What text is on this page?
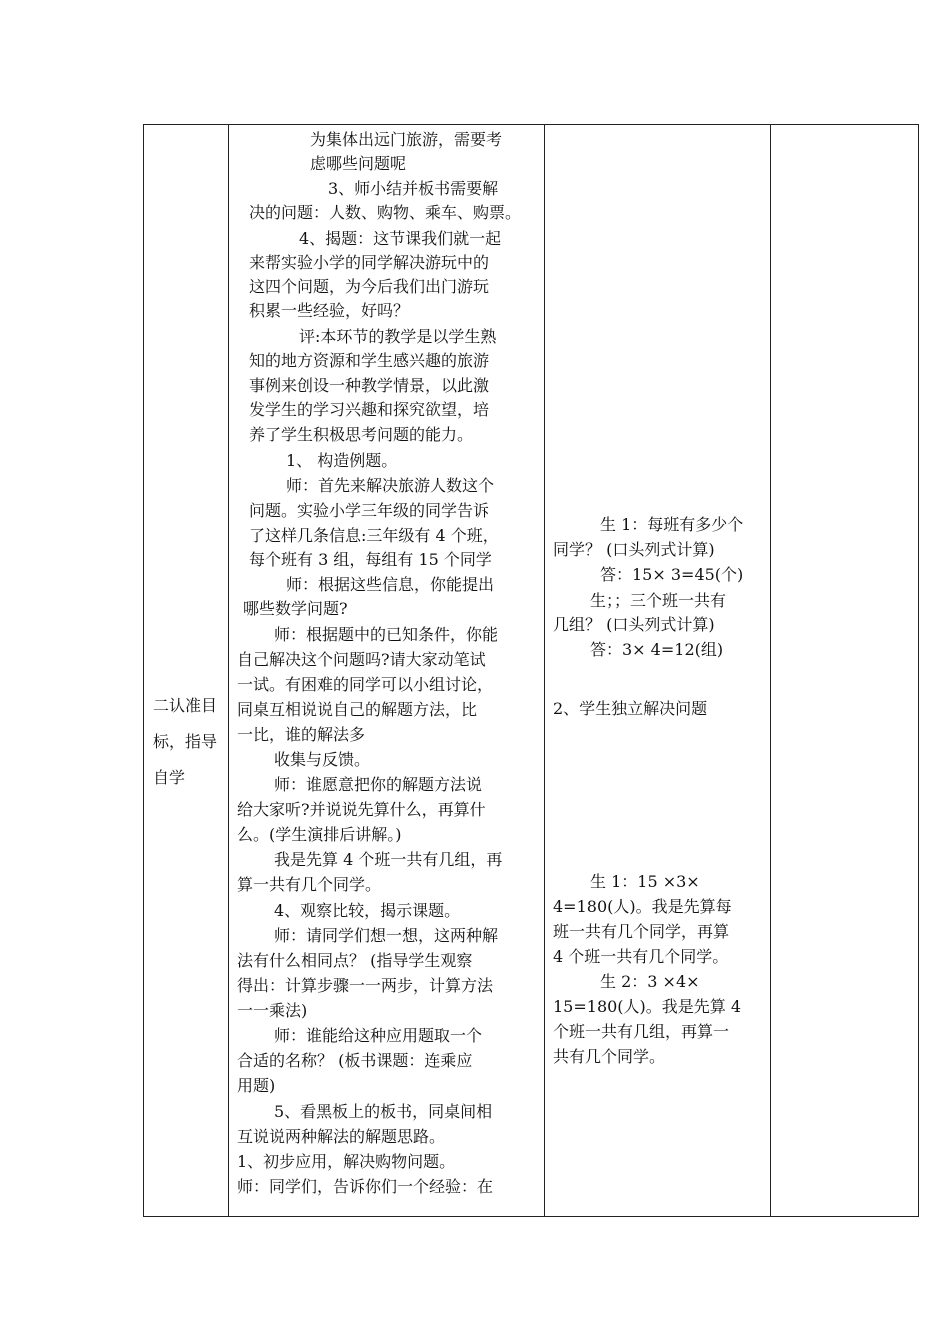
二认准目
标，指导
自学
为集体出远门旅游，需要考
虑哪些问题呢
3、师小结并板书需要解
决的问题：人数、购物、乘车、购票。
4、揭题：这节课我们就一起
来帮实验小学的同学解决游玩中的
这四个问题，为今后我们出门游玩
积累一些经验，好吗？
评:本环节的教学是以学生熟
知的地方资源和学生感兴趣的旅游
事例来创设一种教学情景，以此激
发学生的学习兴趣和探究欲望，培
养了学生积极思考问题的能力。
1、 构造例题。
师：首先来解决旅游人数这个
问题。实验小学三年级的同学告诉
了这样几条信息:三年级有 4 个班，
每个班有 3 组，每组有 15 个同学
师：根据这些信息，你能提出
哪些数学问题?
师：根据题中的已知条件，你能
自己解决这个问题吗?请大家动笔试
一试。有困难的同学可以小组讨论，
同桌互相说说自己的解题方法，比
一比，谁的解法多
收集与反馈。
师：谁愿意把你的解题方法说
给大家听?并说说先算什么，再算什
么。(学生演排后讲解。)
我是先算 4 个班一共有几组，再
算一共有几个同学。
4、观察比较，揭示课题。
师：请同学们想一想，这两种解
法有什么相同点？ (指导学生观察
得出：计算步骤一一两步，计算方法
一一乘法)
师：谁能给这种应用题取一个
合适的名称？ (板书课题：连乘应
用题)
5、看黑板上的板书，同桌间相
互说说两种解法的解题思路。
1、初步应用，解决购物问题。
师：同学们，告诉你们一个经验：在
生 1：每班有多少个
同学？ (口头列式计算)
答：15× 3=45(个)
生；；三个班一共有
几组？ (口头列式计算)
答：3× 4=12(组)
2、学生独立解决问题
生 1：15 ×3×
4=180(人)。我是先算每
班一共有几个同学，再算
4 个班一共有几个同学。
生 2：3 ×4×
15=180(人)。我是先算 4
个班一共有几组，再算一
共有几个同学。
